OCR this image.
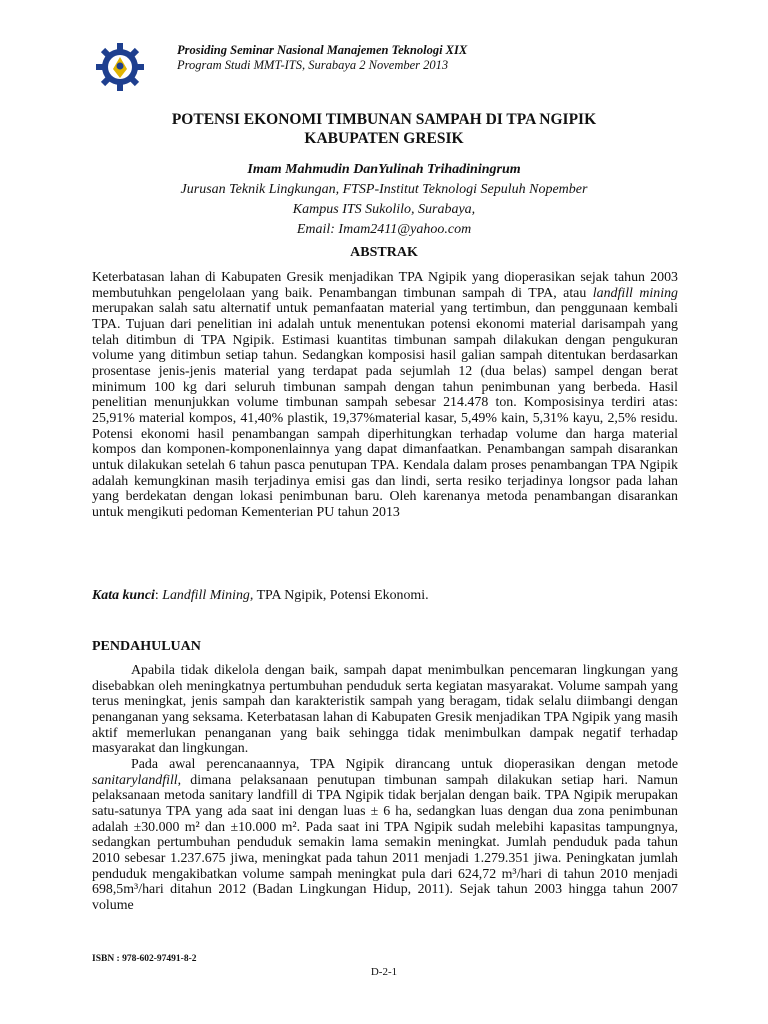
Prosiding Seminar Nasional Manajemen Teknologi XIX
Program Studi MMT-ITS, Surabaya 2 November 2013
POTENSI EKONOMI TIMBUNAN SAMPAH DI TPA NGIPIK
KABUPATEN GRESIK
Imam Mahmudin DanYulinah Trihadiningrum
Jurusan Teknik Lingkungan, FTSP-Institut Teknologi Sepuluh Nopember
Kampus ITS Sukolilo, Surabaya,
Email: Imam2411@yahoo.com
ABSTRAK

Keterbatasan lahan di Kabupaten Gresik menjadikan TPA Ngipik yang dioperasikan sejak tahun 2003 membutuhkan pengelolaan yang baik. Penambangan timbunan sampah di TPA, atau landfill mining merupakan salah satu alternatif untuk pemanfaatan material yang tertimbun, dan penggunaan kembali TPA. Tujuan dari penelitian ini adalah untuk menentukan potensi ekonomi material darisampah yang telah ditimbun di TPA Ngipik. Estimasi kuantitas timbunan sampah dilakukan dengan pengukuran volume yang ditimbun setiap tahun. Sedangkan komposisi hasil galian sampah ditentukan berdasarkan prosentase jenis-jenis material yang terdapat pada sejumlah 12 (dua belas) sampel dengan berat minimum 100 kg dari seluruh timbunan sampah dengan tahun penimbunan yang berbeda. Hasil penelitian menunjukkan volume timbunan sampah sebesar 214.478 ton. Komposisinya terdiri atas: 25,91% material kompos, 41,40% plastik, 19,37%material kasar, 5,49% kain, 5,31% kayu, 2,5% residu. Potensi ekonomi hasil penambangan sampah diperhitungkan terhadap volume dan harga material kompos dan komponen-komponenlainnya yang dapat dimanfaatkan. Penambangan sampah disarankan untuk dilakukan setelah 6 tahun pasca penutupan TPA. Kendala dalam proses penambangan TPA Ngipik adalah kemungkinan masih terjadinya emisi gas dan lindi, serta resiko terjadinya longsor pada lahan yang berdekatan dengan lokasi penimbunan baru. Oleh karenanya metoda penambangan disarankan untuk mengikuti pedoman Kementerian PU tahun 2013

Kata kunci: Landfill Mining, TPA Ngipik, Potensi Ekonomi.

PENDAHULUAN

Apabila tidak dikelola dengan baik, sampah dapat menimbulkan pencemaran lingkungan yang disebabkan oleh meningkatnya pertumbuhan penduduk serta kegiatan masyarakat. Volume sampah yang terus meningkat, jenis sampah dan karakteristik sampah yang beragam, tidak selalu diimbangi dengan penanganan yang seksama. Keterbatasan lahan di Kabupaten Gresik menjadikan TPA Ngipik yang masih aktif memerlukan penanganan yang baik sehingga tidak menimbulkan dampak negatif terhadap masyarakat dan lingkungan.

Pada awal perencanaannya, TPA Ngipik dirancang untuk dioperasikan dengan metode sanitarylandfill, dimana pelaksanaan penutupan timbunan sampah dilakukan setiap hari. Namun pelaksanaan metoda sanitary landfill di TPA Ngipik tidak berjalan dengan baik. TPA Ngipik merupakan satu-satunya TPA yang ada saat ini dengan luas ± 6 ha, sedangkan luas dengan dua zona penimbunan adalah ±30.000 m² dan ±10.000 m². Pada saat ini TPA Ngipik sudah melebihi kapasitas tampungnya, sedangkan pertumbuhan penduduk semakin lama semakin meningkat. Jumlah penduduk pada tahun 2010 sebesar 1.237.675 jiwa, meningkat pada tahun 2011 menjadi 1.279.351 jiwa. Peningkatan jumlah penduduk mengakibatkan volume sampah meningkat pula dari 624,72 m³/hari di tahun 2010 menjadi 698,5m³/hari ditahun 2012 (Badan Lingkungan Hidup, 2011). Sejak tahun 2003 hingga tahun 2007 volume

ISBN : 978-602-97491-8-2
D-2-1
